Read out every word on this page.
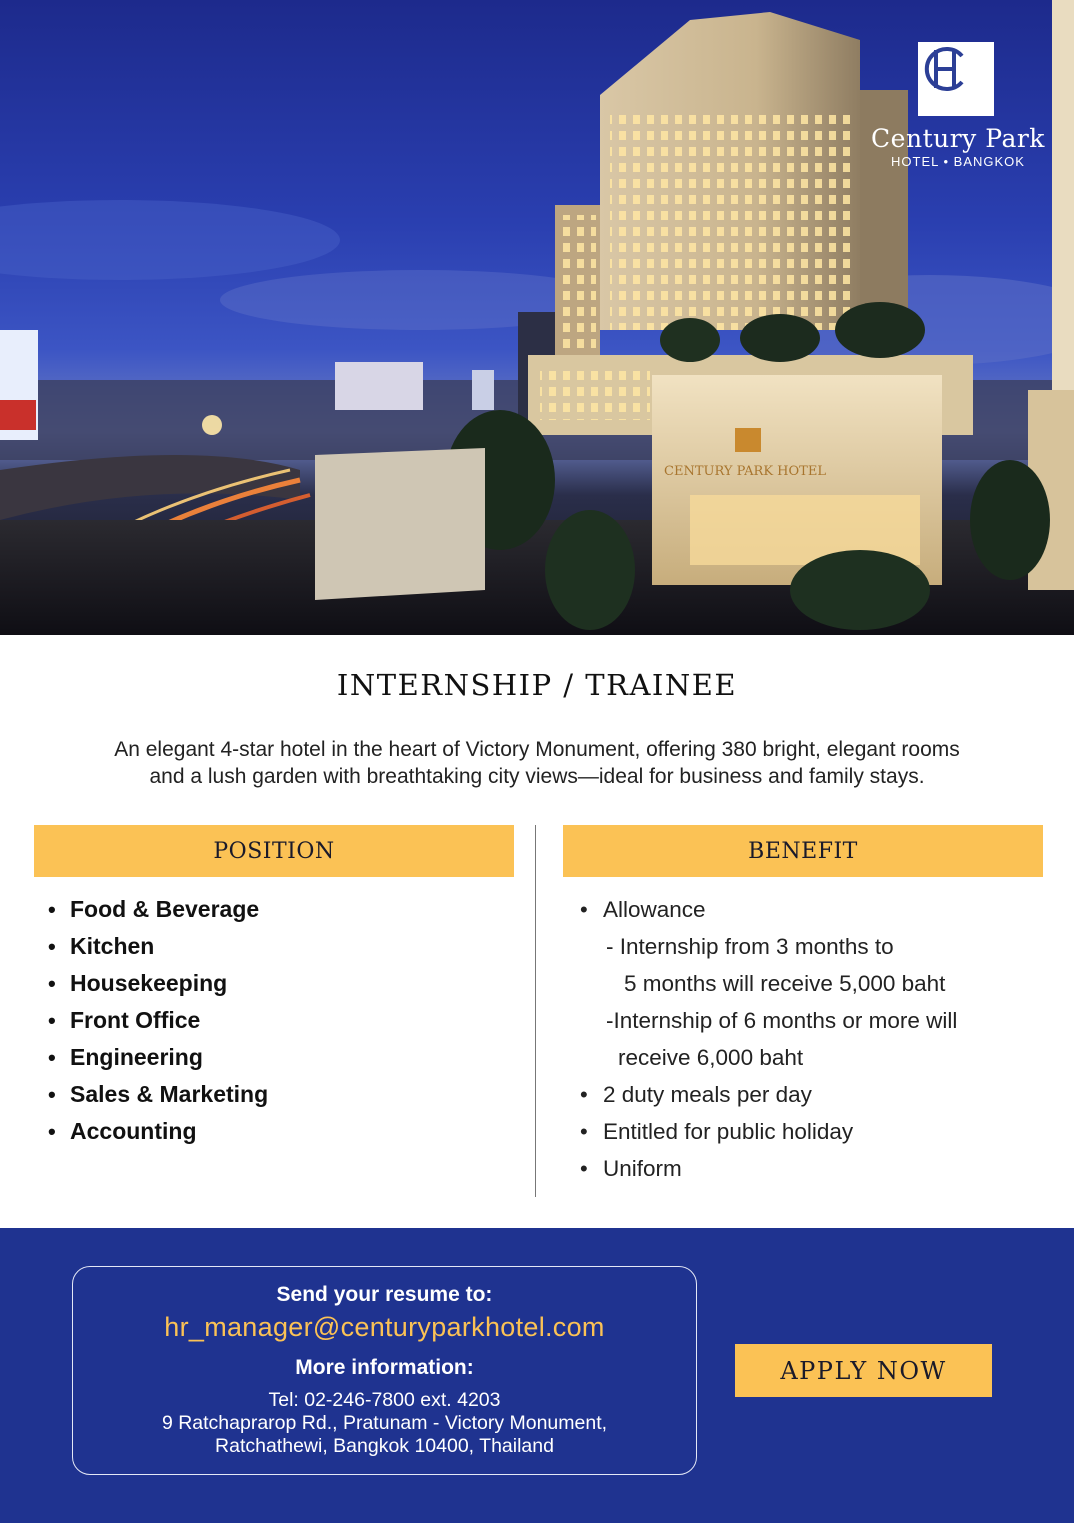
CENTURY PARK HOTEL
Century Park
HOTEL • BANGKOK
INTERNSHIP / TRAINEE
An elegant 4-star hotel in the heart of Victory Monument, offering 380 bright, elegant rooms
and a lush garden with breathtaking city views—ideal for business and family stays.
POSITION	BENEFIT
• Food & Beverage
• Kitchen
• Housekeeping
• Front Office
• Engineering
• Sales & Marketing
• Accounting
• Allowance
- Internship from 3 months to
5 months will receive 5,000 baht
-Internship of 6 months or more will
receive 6,000 baht
• 2 duty meals per day
• Entitled for public holiday
• Uniform
Send your resume to:
hr_manager@centuryparkhotel.com
More information:
Tel: 02-246-7800 ext. 4203
9 Ratchaprarop Rd., Pratunam - Victory Monument,
Ratchathewi, Bangkok 10400, Thailand
APPLY NOW
